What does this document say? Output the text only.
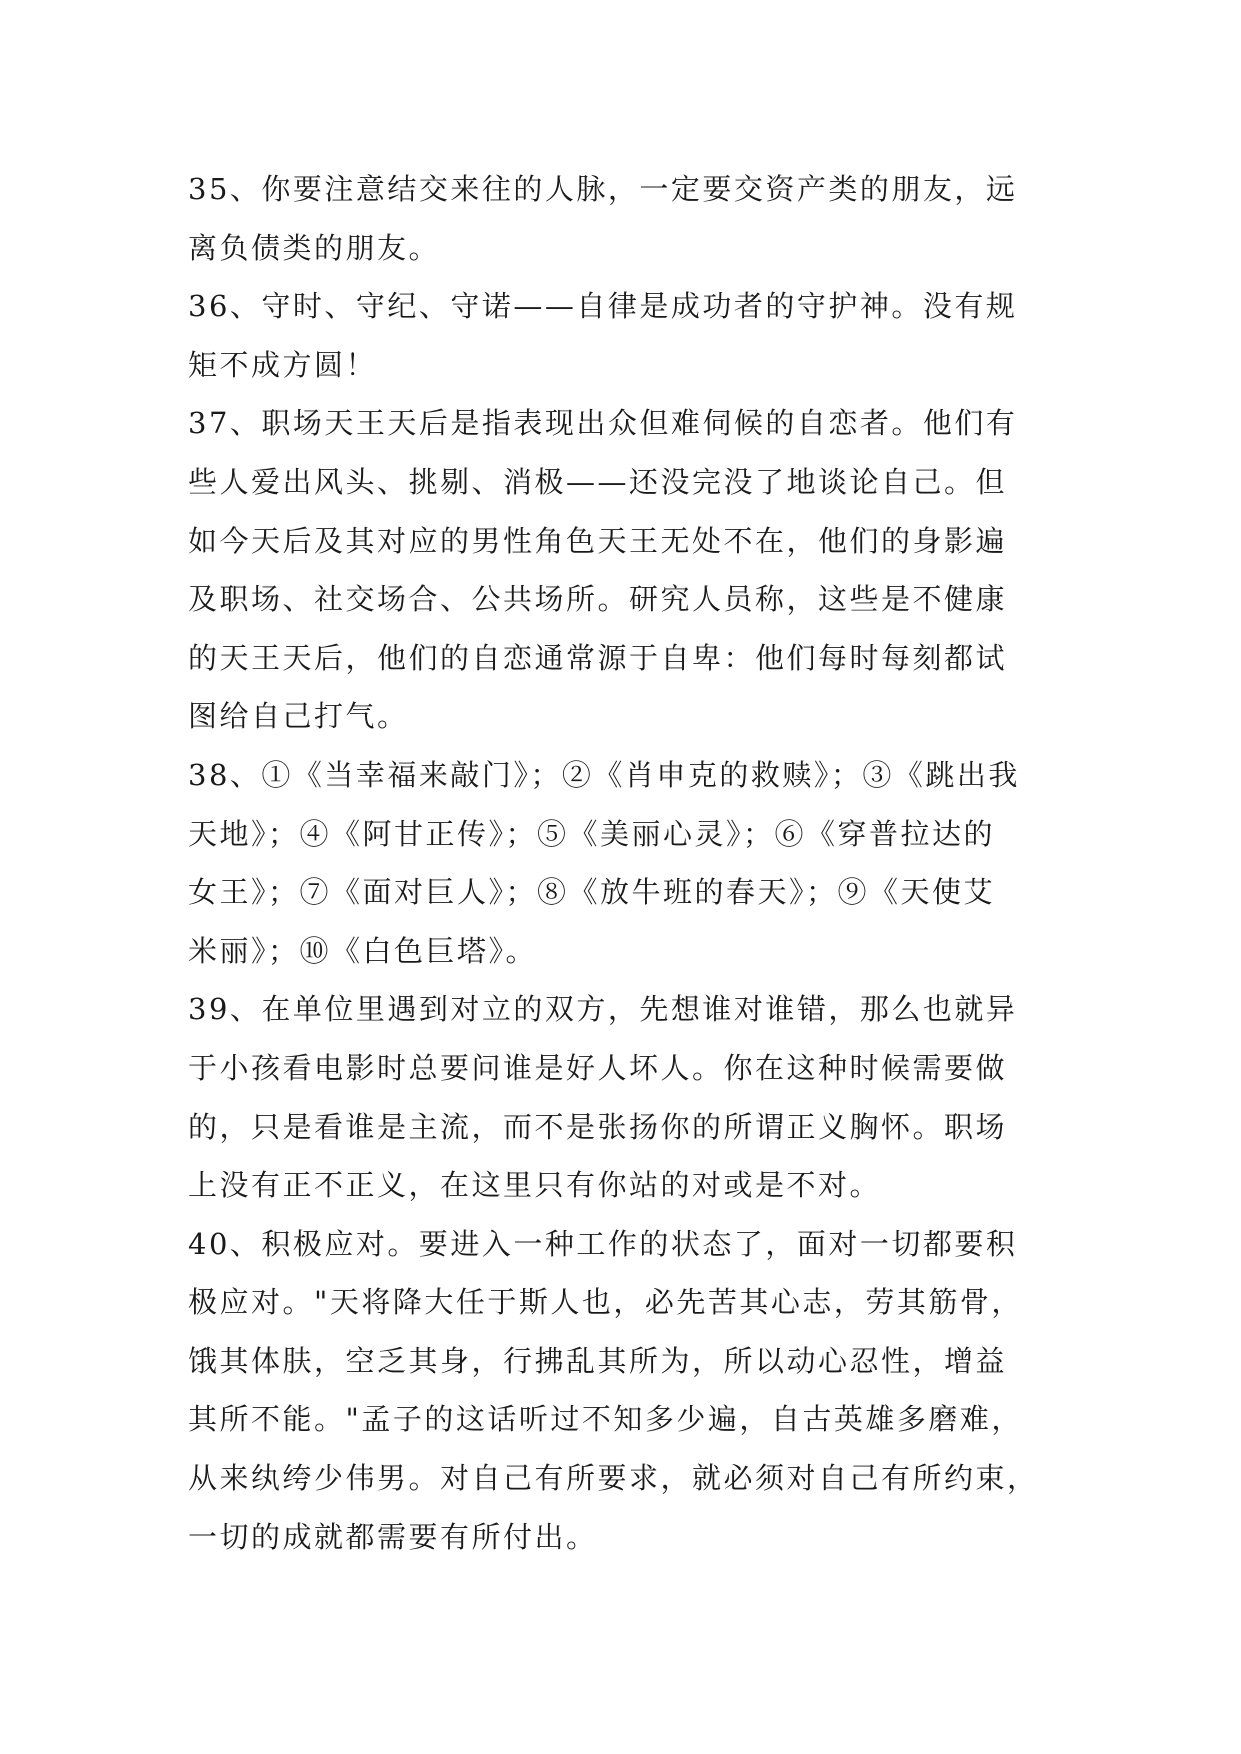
35、你要注意结交来往的人脉，一定要交资产类的朋友，远
离负债类的朋友。
36、守时、守纪、守诺——自律是成功者的守护神。没有规
矩不成方圆！
37、职场天王天后是指表现出众但难伺候的自恋者。他们有
些人爱出风头、挑剔、消极——还没完没了地谈论自己。但
如今天后及其对应的男性角色天王无处不在，他们的身影遍
及职场、社交场合、公共场所。研究人员称，这些是不健康
的天王天后，他们的自恋通常源于自卑：他们每时每刻都试
图给自己打气。
38、①《当幸福来敲门》；②《肖申克的救赎》；③《跳出我
天地》；④《阿甘正传》；⑤《美丽心灵》；⑥《穿普拉达的
女王》；⑦《面对巨人》；⑧《放牛班的春天》；⑨《天使艾
米丽》；⑩《白色巨塔》。
39、在单位里遇到对立的双方，先想谁对谁错，那么也就异
于小孩看电影时总要问谁是好人坏人。你在这种时候需要做
的，只是看谁是主流，而不是张扬你的所谓正义胸怀。职场
上没有正不正义，在这里只有你站的对或是不对。
40、积极应对。要进入一种工作的状态了，面对一切都要积
极应对。"天将降大任于斯人也，必先苦其心志，劳其筋骨，
饿其体肤，空乏其身，行拂乱其所为，所以动心忍性，增益
其所不能。"孟子的这话听过不知多少遍，自古英雄多磨难，
从来纨绔少伟男。对自己有所要求，就必须对自己有所约束，
一切的成就都需要有所付出。
